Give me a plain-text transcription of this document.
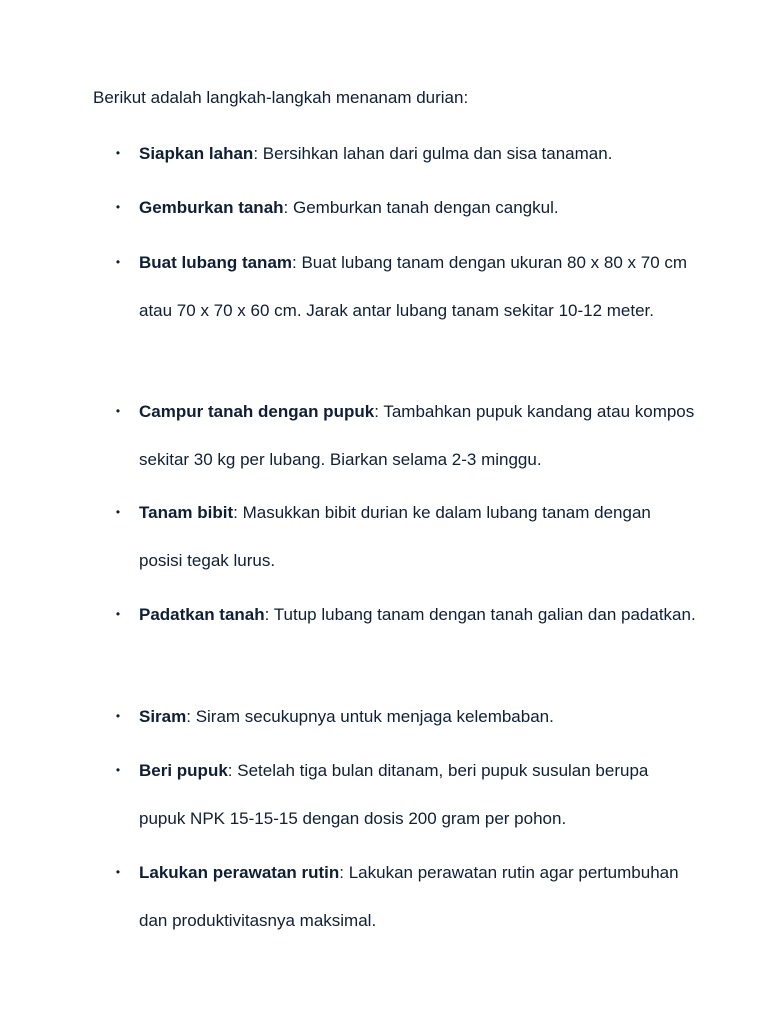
Berikut adalah langkah-langkah menanam durian:

• Siapkan lahan: Bersihkan lahan dari gulma dan sisa tanaman.
• Gemburkan tanah: Gemburkan tanah dengan cangkul.
• Buat lubang tanam: Buat lubang tanam dengan ukuran 80 x 80 x 70 cm atau 70 x 70 x 60 cm. Jarak antar lubang tanam sekitar 10-12 meter.
• Campur tanah dengan pupuk: Tambahkan pupuk kandang atau kompos sekitar 30 kg per lubang. Biarkan selama 2-3 minggu.
• Tanam bibit: Masukkan bibit durian ke dalam lubang tanam dengan posisi tegak lurus.
• Padatkan tanah: Tutup lubang tanam dengan tanah galian dan padatkan.
• Siram: Siram secukupnya untuk menjaga kelembaban.
• Beri pupuk: Setelah tiga bulan ditanam, beri pupuk susulan berupa pupuk NPK 15-15-15 dengan dosis 200 gram per pohon.
• Lakukan perawatan rutin: Lakukan perawatan rutin agar pertumbuhan dan produktivitasnya maksimal.
